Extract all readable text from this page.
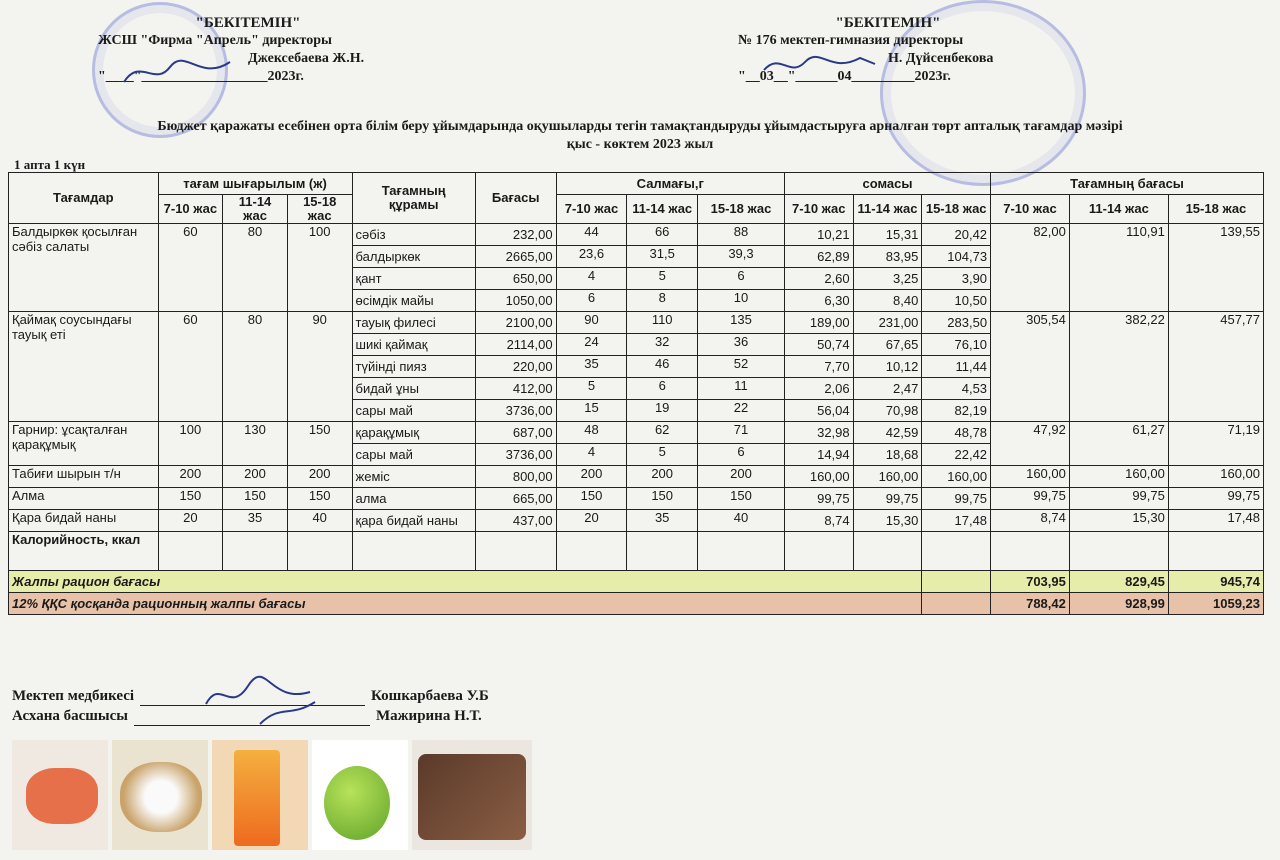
"БЕКІТЕМІН"
ЖСШ "Фирма "Апрель" директоры
Джексебаева Ж.Н.
"____"__________________2023г.
"БЕКІТЕМІН"
№ 176 мектеп-гимназия директоры
Н. Дүйсенбекова
"__03__"______04_________2023г.
Бюджет қаражаты есебінен орта білім беру ұйымдарында оқушыларды тегін тамақтандыруды ұйымдастыруға арналған төрт апталық тағамдар мәзірі
қыс - көктем 2023 жыл
1 апта 1 күн
Тағамдар	тағам шығарылым (ж)			Тағамның құрамы	Бағасы	Салмағы,г			сомасы			Тағамның бағасы		
	7-10 жас	11-14 жас	15-18 жас			7-10 жас	11-14 жас	15-18 жас	7-10 жас	11-14 жас	15-18 жас	7-10 жас	11-14 жас	15-18 жас
Балдыркөк қосылған сәбіз салаты	60	80	100	сәбіз	232,00	44	66	88	10,21	15,31	20,42	82,00	110,91	139,55
				балдыркөк	2665,00	23,6	31,5	39,3	62,89	83,95	104,73			
				қант	650,00	4	5	6	2,60	3,25	3,90			
				өсімдік майы	1050,00	6	8	10	6,30	8,40	10,50			
Қаймақ соусындағы тауық еті	60	80	90	тауық филесі	2100,00	90	110	135	189,00	231,00	283,50	305,54	382,22	457,77
				шикі қаймақ	2114,00	24	32	36	50,74	67,65	76,10			
				түйінді пияз	220,00	35	46	52	7,70	10,12	11,44			
				бидай ұны	412,00	5	6	11	2,06	2,47	4,53			
				сары май	3736,00	15	19	22	56,04	70,98	82,19			
Гарнир: ұсақталған қарақұмық	100	130	150	қарақұмық	687,00	48	62	71	32,98	42,59	48,78	47,92	61,27	71,19
				сары май	3736,00	4	5	6	14,94	18,68	22,42			
Табиғи шырын т/н	200	200	200	жеміс	800,00	200	200	200	160,00	160,00	160,00	160,00	160,00	160,00
Алма	150	150	150	алма	665,00	150	150	150	99,75	99,75	99,75	99,75	99,75	99,75
Қара бидай наны	20	35	40	қара бидай наны	437,00	20	35	40	8,74	15,30	17,48	8,74	15,30	17,48
Калорийность, ккал														
Жалпы рацион бағасы												703,95	829,45	945,74
12% ҚҚС қосқанда рационның жалпы бағасы												788,42	928,99	1059,23
Мектеп медбикесі	Кошкарбаева У.Б
Асхана басшысы	Мажирина Н.Т.
